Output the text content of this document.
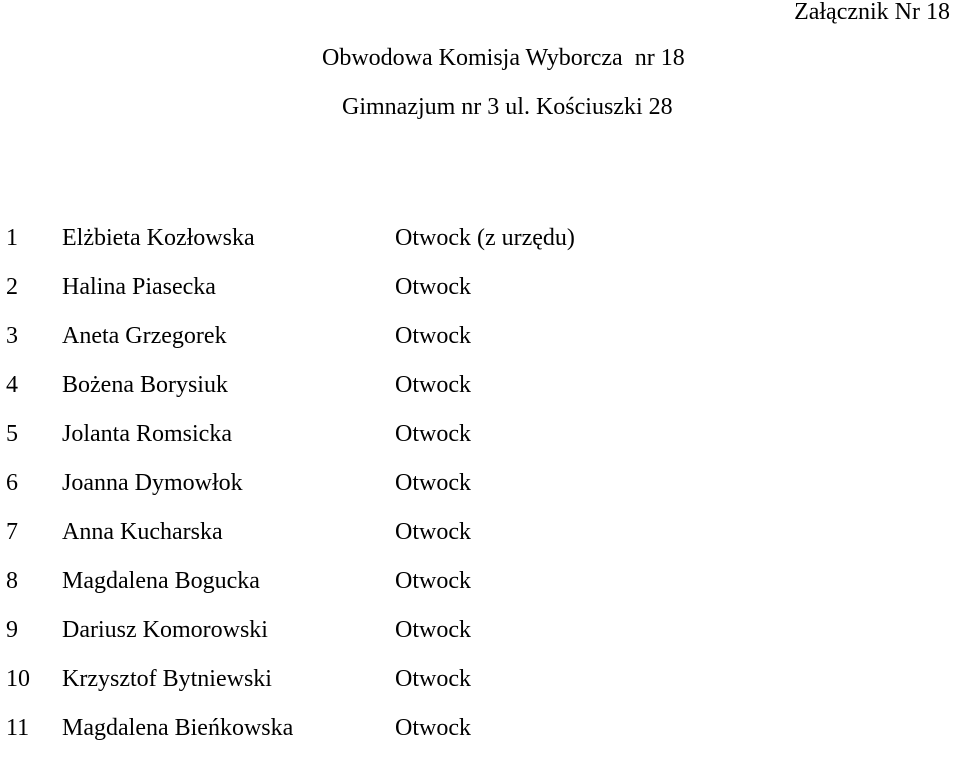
Załącznik Nr 18
Obwodowa Komisja Wyborcza  nr 18
Gimnazjum nr 3 ul. Kościuszki 28
1 Elżbieta Kozłowska	Otwock (z urzędu)
2 Halina Piasecka	Otwock
3 Aneta Grzegorek	Otwock
4 Bożena Borysiuk	Otwock
5 Jolanta Romsicka	Otwock
6 Joanna Dymowłok	Otwock
7 Anna Kucharska	Otwock
8 Magdalena Bogucka	Otwock
9 Dariusz Komorowski	Otwock
10 Krzysztof Bytniewski	Otwock
11 Magdalena Bieńkowska	Otwock
